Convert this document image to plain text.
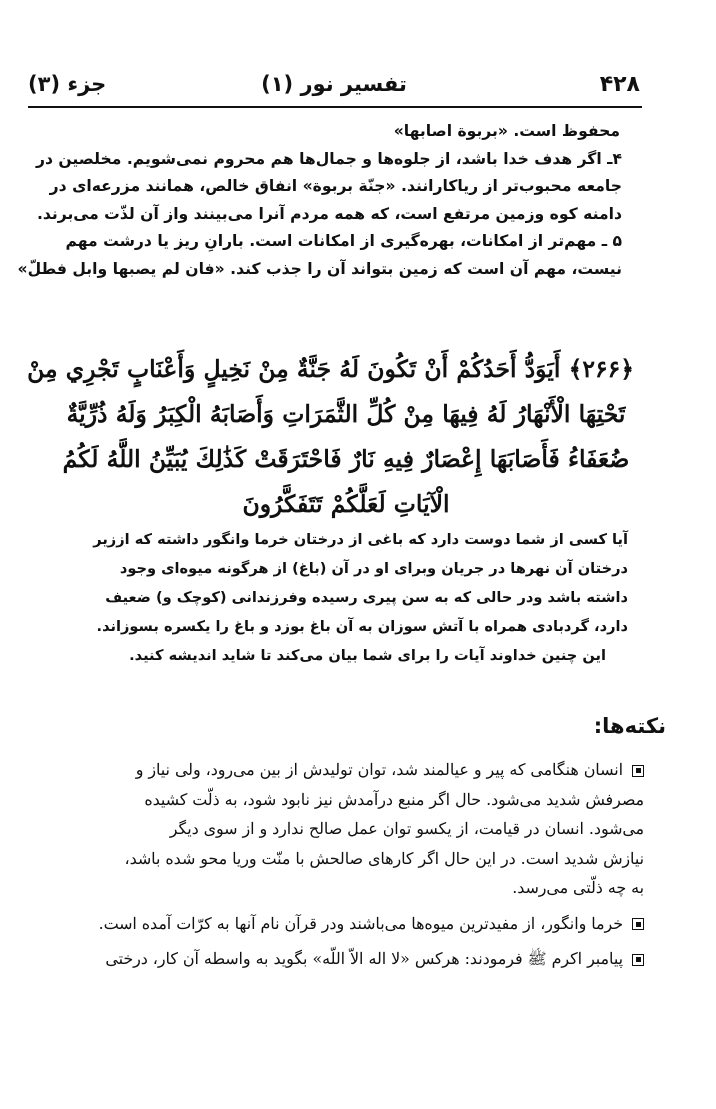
۴۲۸
تفسیر نور (۱)
جزء (۳)
محفوظ است. «بربوة اصابها»
۴ـ اگر هدف خدا باشد، از جلوه‌ها و جمال‌ها هم محروم نمی‌شویم. مخلصین در
جامعه محبوب‌تر از ریاکارانند. «جنّة بربوة» انفاق خالص، همانند مزرعه‌ای در
دامنه کوه وزمین مرتفع است، که همه مردم آنرا می‌بینند واز آن لذّت می‌برند.
۵ ـ مهم‌تر از امکانات، بهره‌گیری از امکانات است. بارانِ ریز یا درشت مهم
نیست، مهم آن است که زمین بتواند آن را جذب کند. «فان لم یصبها وابل فطلّ»
﴿۲۶۶﴾ أَيَوَدُّ أَحَدُكُمْ أَنْ تَكُونَ لَهُ جَنَّةٌ مِنْ نَخِيلٍ وَأَعْنَابٍ تَجْرِي مِنْ
تَحْتِهَا الْأَنْهَارُ لَهُ فِيهَا مِنْ كُلِّ الثَّمَرَاتِ وَأَصَابَهُ الْكِبَرُ وَلَهُ ذُرِّيَّةٌ
ضُعَفَاءُ فَأَصَابَهَا إِعْصَارٌ فِيهِ نَارٌ فَاحْتَرَقَتْ كَذَٰلِكَ يُبَيِّنُ اللَّهُ لَكُمُ
الْآيَاتِ لَعَلَّكُمْ تَتَفَكَّرُونَ
آیا کسی از شما دوست دارد که باغی از درختان خرما وانگور داشته که اززیر
درختان آن نهرها در جریان وبرای او در آن (باغ) از هرگونه میوه‌ای وجود
داشته باشد ودر حالی که به سن پیری رسیده وفرزندانی (کوچک و) ضعیف
دارد، گردبادی همراه با آتش سوزان به آن باغ بوزد و باغ را یکسره بسوزاند.
این چنین خداوند آیات را برای شما بیان می‌کند تا شاید اندیشه کنید.
نکته‌ها:
انسان هنگامی که پیر و عیالمند شد، توان تولیدش از بین می‌رود، ولی نیاز و
مصرفش شدید می‌شود. حال اگر منبع درآمدش نیز نابود شود، به ذلّت کشیده
می‌شود. انسان در قیامت، از یکسو توان عمل صالح ندارد و از سوی دیگر
نیازش شدید است. در این حال اگر کارهای صالحش با منّت وریا محو شده باشد،
به چه ذلّتی می‌رسد.
خرما وانگور، از مفیدترین میوه‌ها می‌باشند ودر قرآن نام آنها به کرّات آمده است.
پیامبر اکرم ﷺ فرمودند: هرکس «لا اله الاّ اللّه» بگوید به واسطه آن کار، درختی
